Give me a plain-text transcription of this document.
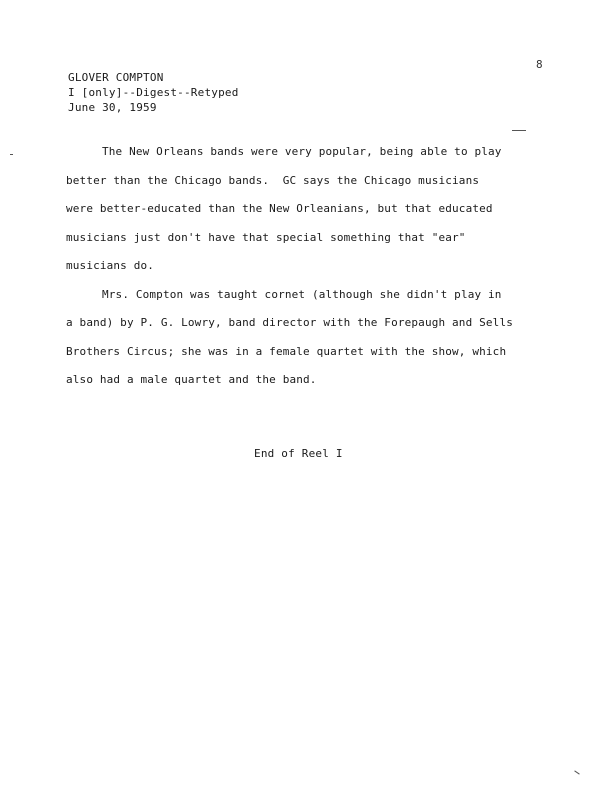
8
GLOVER COMPTON
I [only]--Digest--Retyped
June 30, 1959
The New Orleans bands were very popular, being able to play
better than the Chicago bands.  GC says the Chicago musicians
were better-educated than the New Orleanians, but that educated
musicians just don't have that special something that "ear"
musicians do.
Mrs. Compton was taught cornet (although she didn't play in
a band) by P. G. Lowry, band director with the Forepaugh and Sells
Brothers Circus; she was in a female quartet with the show, which
also had a male quartet and the band.
End of Reel I
